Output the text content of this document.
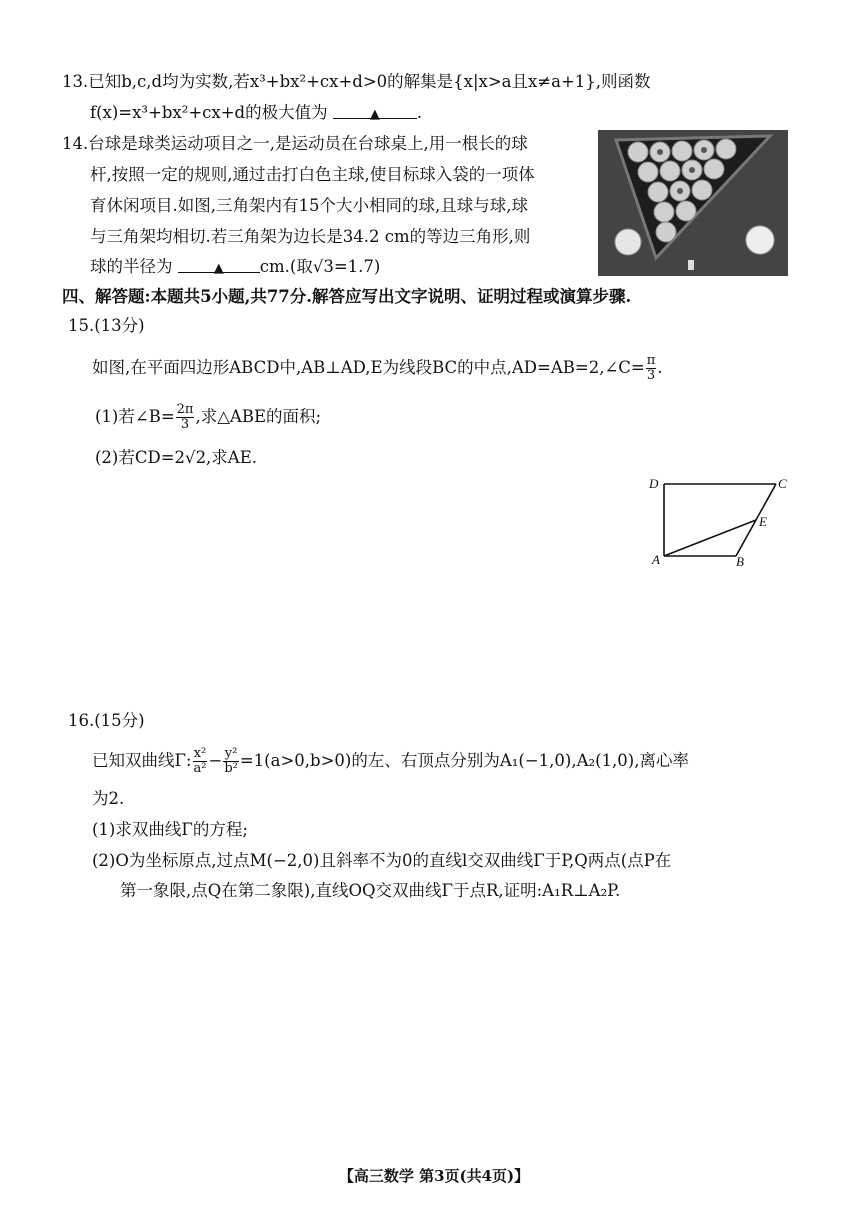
13.已知b,c,d均为实数,若x³+bx²+cx+d>0的解集是{x|x>a且x≠a+1},则函数
f(x)=x³+bx²+cx+d的极大值为	▲ .
14.台球是球类运动项目之一,是运动员在台球桌上,用一根长的球
杆,按照一定的规则,通过击打白色主球,使目标球入袋的一项体
育休闲项目.如图,三角架内有15个大小相同的球,且球与球,球
与三角架均相切.若三角架为边长是34.2 cm的等边三角形,则
球的半径为	▲ cm.(取√3=1.7)
四、解答题:本题共5小题,共77分.解答应写出文字说明、证明过程或演算步骤.
15.(13分)
如图,在平面四边形ABCD中,AB⊥AD,E为线段BC的中点,AD=AB=2,∠C= $\frac{\pi}{3}$ .
(1)若∠B= $\frac{2\pi}{3}$ ,求△ABE的面积;
(2)若CD=2√2,求AE.
D	C
E
A	B
16.(15分)
已知双曲线Γ: $\frac{\text{x²}}{\text{a²}} - \frac{\text{y²}}{\text{b²}} =1(a>0,b>0)$的左、右顶点分别为A₁(−1,0),A₂(1,0),离心率
为2.
(1)求双曲线Γ的方程;
(2)O为坐标原点,过点M(−2,0)且斜率不为0的直线l交双曲线Γ于P,Q两点(点P在
第一象限,点Q在第二象限),直线OQ交双曲线Γ于点R,证明:A₁R⊥A₂P.
【高三数学 第3页(共4页)】
